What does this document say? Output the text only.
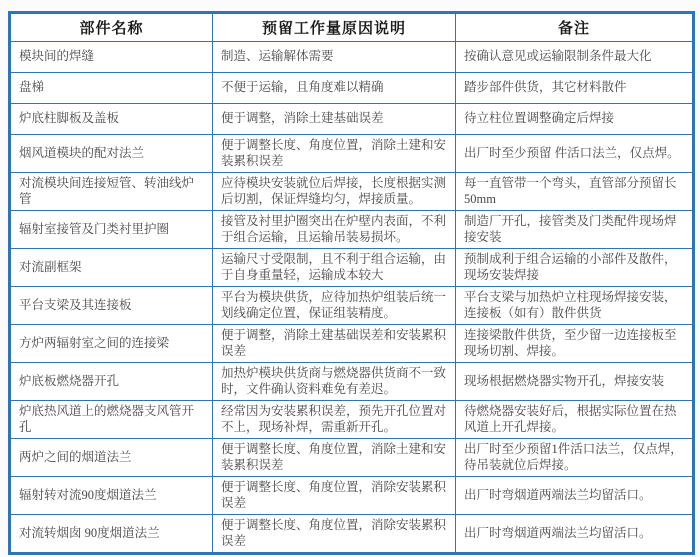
部件名称	预留工作量原因说明	备注
模块间的焊缝	制造、运输解体需要	按确认意见或运输限制条件最大化
盘梯	不便于运输，且角度难以精确	踏步部件供货，其它材料散件
炉底柱脚板及盖板	便于调整，消除土建基础误差	待立柱位置调整确定后焊接
烟风道模块的配对法兰	便于调整长度、角度位置，消除土建和安装累积误差	出厂时至少预留 件活口法兰，仅点焊。
对流模块间连接短管、转油线炉管	应待模块安装就位后焊接，长度根据实测后切割，保证焊缝均匀，焊接质量。	每一直管带一个弯头，直管部分预留长50mm
辐射室接管及门类衬里护圈	接管及衬里护圈突出在炉壁内表面，不利于组合运输，且运输吊装易损坏。	制造厂开孔，接管类及门类配件现场焊接安装
对流副框架	运输尺寸受限制，且不利于组合运输，由于自身重量轻，运输成本较大	预制成利于组合运输的小部件及散件，现场安装焊接
平台支梁及其连接板	平台为模块供货，应待加热炉组装后统一划线确定位置，保证组装精度。	平台支梁与加热炉立柱现场焊接安装，连接板（如有）散件供货
方炉两辐射室之间的连接梁	便于调整，消除土建基础误差和安装累积误差	连接梁散件供货，至少留一边连接板至现场切割、焊接。
炉底板燃烧器开孔	加热炉模块供货商与燃烧器供货商不一致时，文件确认资料难免有差迟。	现场根据燃烧器实物开孔，焊接安装
炉底热风道上的燃烧器支风管开孔	经常因为安装累积误差，预先开孔位置对不上，现场补焊，需重新开孔。	待燃烧器安装好后，根据实际位置在热风道上开孔焊接。
两炉之间的烟道法兰	便于调整长度、角度位置，消除土建和安装累积误差	出厂时至少预留1件活口法兰，仅点焊，待吊装就位后焊接。
辐射转对流90度烟道法兰	便于调整长度、角度位置，消除安装累积误差	出厂时弯烟道两端法兰均留活口。
对流转烟囱 90度烟道法兰	便于调整长度、角度位置，消除安装累积误差	出厂时弯烟道两端法兰均留活口。
